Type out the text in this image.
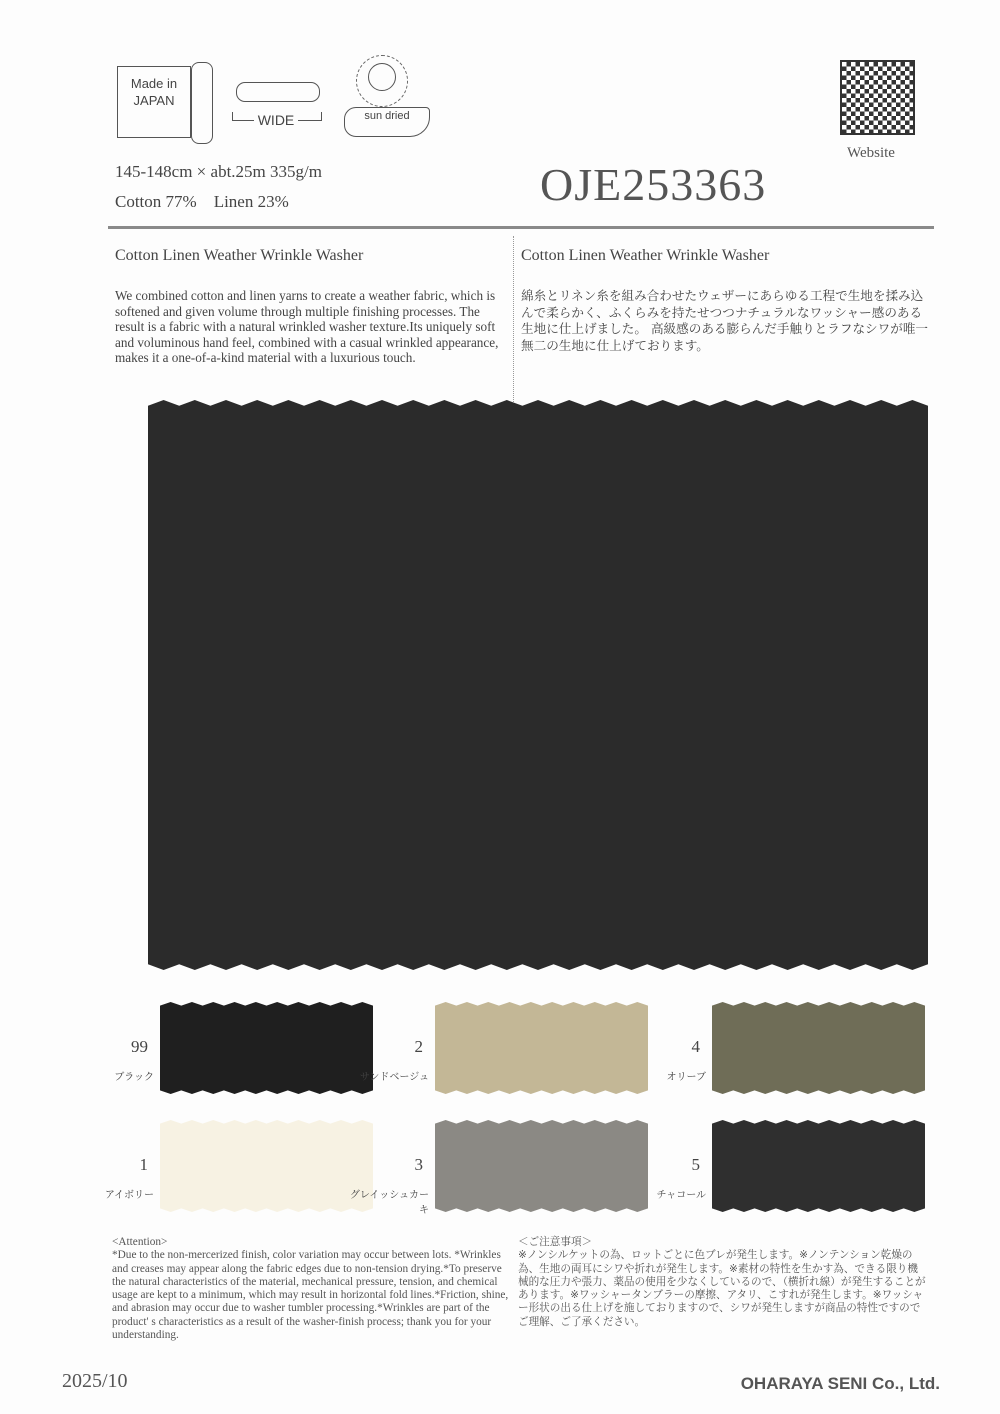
Made in JAPAN
WIDE	sun dried
Website
145-148cm × abt.25m 335g/m
Cotton 77%　Linen 23%	OJE253363
Cotton Linen Weather Wrinkle Washer	Cotton Linen Weather Wrinkle Washer
We combined cotton and linen yarns to create a weather fabric, which is softened and given volume through multiple finishing processes. The result is a fabric with a natural wrinkled washer texture.Its uniquely soft and voluminous hand feel, combined with a casual wrinkled appearance, makes it a one-of-a-kind material with a luxurious touch.
綿糸とリネン糸を組み合わせたウェザーにあらゆる工程で生地を揉み込んで柔らかく、ふくらみを持たせつつナチュラルなワッシャー感のある生地に仕上げました。 高級感のある膨らんだ手触りとラフなシワが唯一無二の生地に仕上げております。
99
ブラック
2
サンドベージュ
4
オリーブ
1
アイボリー
3
グレイッシュカーキ
5
チャコール
<Attention>
*Due to the non-mercerized finish, color variation may occur between lots. *Wrinkles and creases may appear along the fabric edges due to non-tension drying.*To preserve the natural characteristics of the material, mechanical pressure, tension, and chemical usage are kept to a minimum, which may result in horizontal fold lines.*Friction, shine, and abrasion may occur due to washer tumbler processing.*Wrinkles are part of the product' s characteristics as a result of the washer-finish process; thank you for your understanding.
＜ご注意事項＞
※ノンシルケットの為、ロットごとに色ブレが発生します。※ノンテンション乾燥の為、生地の両耳にシワや折れが発生します。※素材の特性を生かす為、できる限り機械的な圧力や張力、薬品の使用を少なくしているので、（横折れ線）が発生することがあります。※ワッシャータンブラーの摩擦、アタリ、こすれが発生します。※ワッシャー形状の出る仕上げを施しておりますので、シワが発生しますが商品の特性ですのでご理解、ご了承ください。
2025/10	OHARAYA SENI Co., Ltd.
